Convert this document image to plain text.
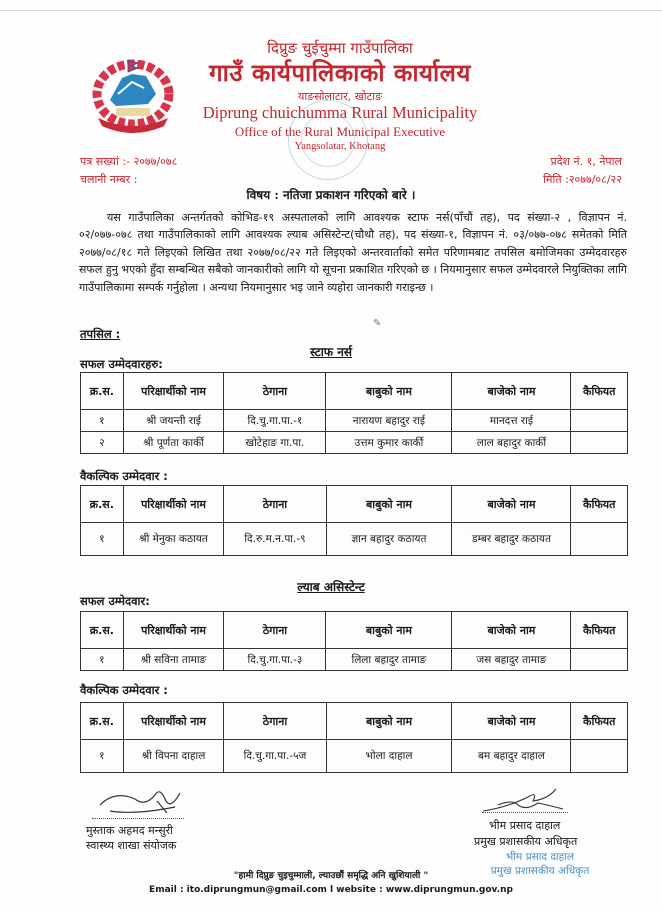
दिप्रुङ चुईचुम्मा गाउँपालिका
गाउँ कार्यपालिकाको कार्यालय
याङसोलाटार, खोटाङ
Diprung chuichumma Rural Municipality
Office of the Rural Municipal Executive
Yangsolatar, Khotang
पत्र सख्यां :- २०७७/०७८
चलानी नम्बर :
प्रदेश नं. १, नेपाल
मिति :२०७७/०८/२२
विषय : नतिजा प्रकाशन गरिएको बारे ।
यस गाउँपालिका अन्तर्गतको कोभिड-१९ अस्पतालको लागि आवश्यक स्टाफ नर्स(पाँचौं तह), पद संख्या-२ , विज्ञापन नं. ०२/०७७-०७८ तथा गाउँपालिकाको लागि आवश्यक ल्याब असिस्टेन्ट(चौथौ तह), पद संख्या-१, विज्ञापन नं. ०३/०७७-०७८ समेतको मिति २०७७/०८/१८ गते लिइएको लिखित तथा २०७७/०८/२२ गते लिइएको अन्तरवार्ताको समेत परिणामबाट तपसिल बमोजिमका उम्मेदवारहरु सफल हुनु भएको हुँदा सम्बन्धित सबैको जानकारीको लागि यो सूचना प्रकाशित गरिएको छ । नियमानुसार सफल उम्मेदवारले नियुक्तिका लागि गाउँपालिकामा सम्पर्क गर्नुहोला । अन्यथा नियमानुसार भइ जाने व्यहोरा जानकारी गराइन्छ ।
✎
तपसिल :
स्टाफ नर्स
सफल उम्मेदवारहरु:
क्र.स.	परिक्षार्थीको नाम	ठेगाना	बाबुको नाम	बाजेको नाम	कैफियत
१	श्री जयन्ती राई	दि.चु.गा.पा.-१	नारायण बहादुर राई	मानदत्त राई	
२	श्री पूर्णता कार्की	खोटेहाङ गा.पा.	उत्तम कुमार कार्की	लाल बहादुर कार्की	
वैकल्पिक उम्मेदवार :
क्र.स.	परिक्षार्थीको नाम	ठेगाना	बाबुको नाम	बाजेको नाम	कैफियत
१	श्री मेनुका कठायत	दि.रु.म.न.पा.-९	ज्ञान बहादुर कठायत	डम्बर बहादुर कठायत	
ल्याब असिस्टेन्ट
सफल उम्मेदवार:
क्र.स.	परिक्षार्थीको नाम	ठेगाना	बाबुको नाम	बाजेको नाम	कैफियत
१	श्री सविना तामाङ	दि.चु.गा.पा.-३	लिला बहादुर तामाङ	जस बहादुर तामाङ	
वैकल्पिक उम्मेदवार :
क्र.स.	परिक्षार्थीको नाम	ठेगाना	बाबुको नाम	बाजेको नाम	कैफियत
१	श्री विपना दाहाल	दि.चु.गा.पा.-५ज	भोला दाहाल	बम बहादुर दाहाल	
मुस्ताक अहमद मन्सुरी
स्वास्थ्य शाखा संयोजक
भीम प्रसाद दाहाल
प्रमुख प्रशासकीय अधिकृत
भीम प्रसाद दाहाल
प्रमुख प्रशासकीय अधिकृत
"हामी दिप्रुङ चुइचुम्माली, ल्याउछौं समृद्धि अनि खुशियाली "
Email : ito.diprungmun@gmail.com l website : www.diprungmun.gov.np
